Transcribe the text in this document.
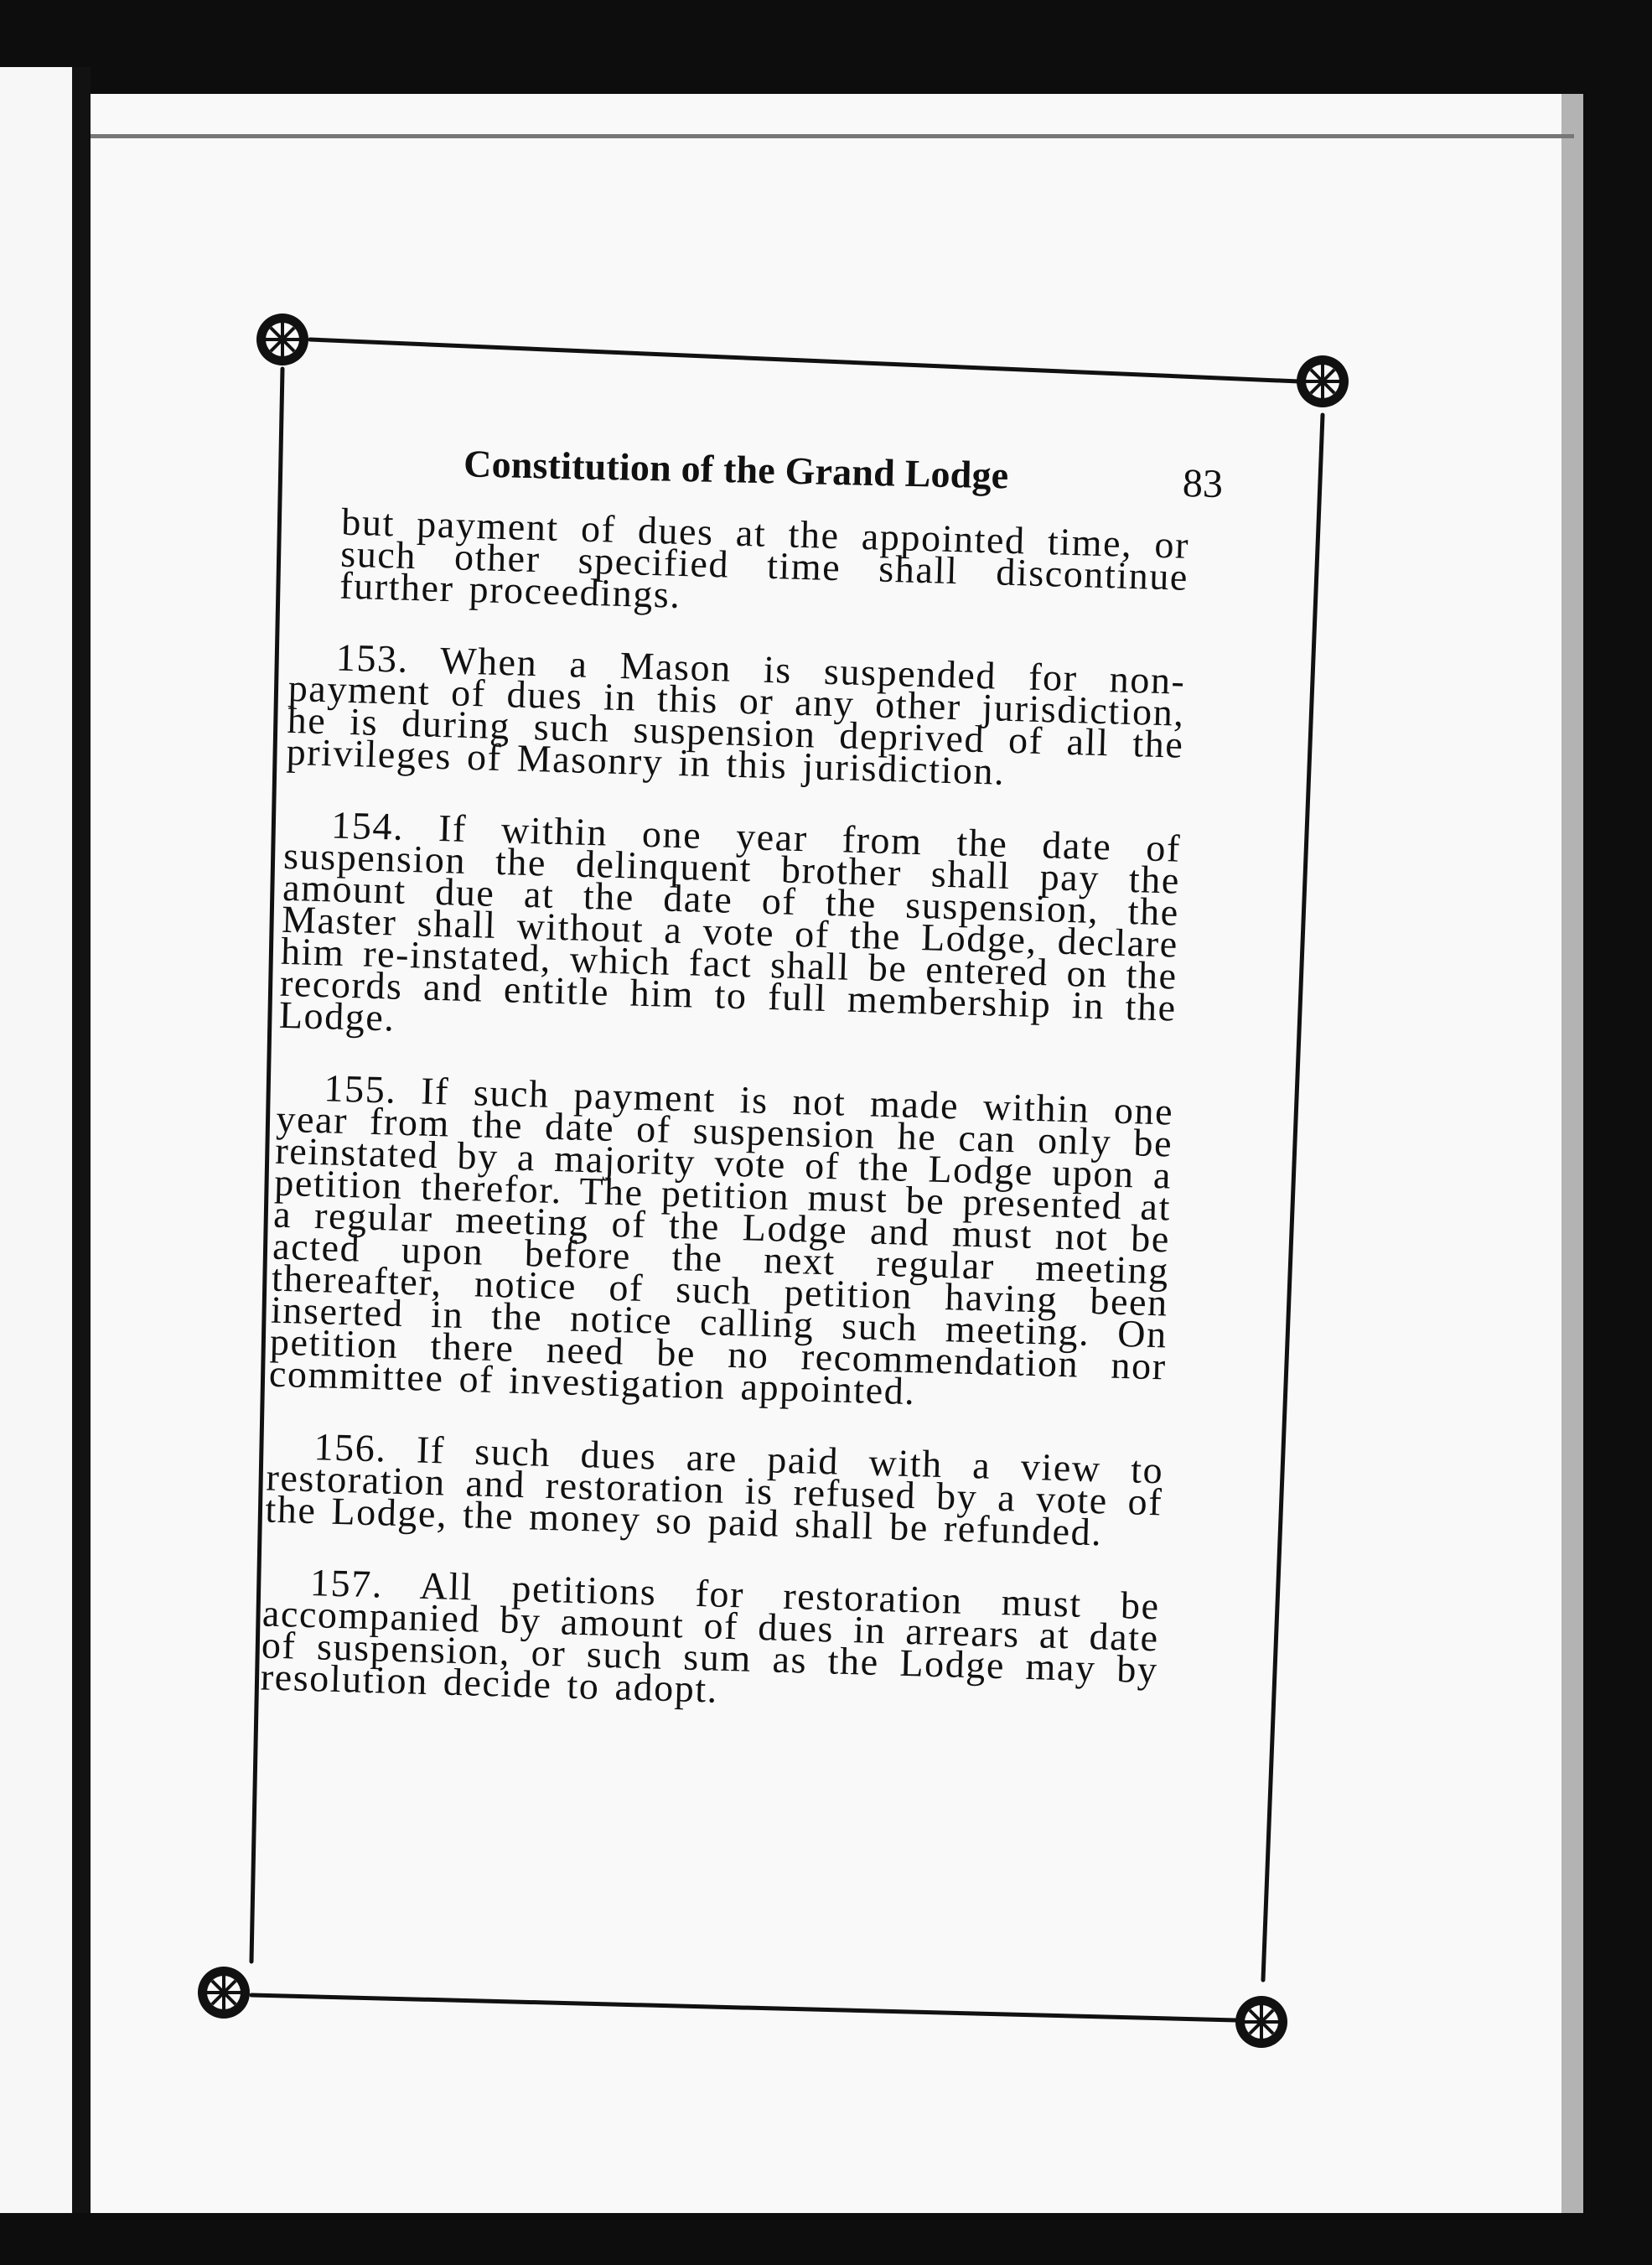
Constitution of the Grand Lodge	83

but payment of dues at the appointed time, or such other specified time shall discontinue further proceedings.

153. When a Mason is suspended for non-payment of dues in this or any other jurisdiction, he is during such suspension deprived of all the privileges of Masonry in this jurisdiction.

154. If within one year from the date of suspension the delinquent brother shall pay the amount due at the date of the suspension, the Master shall without a vote of the Lodge, declare him re-instated, which fact shall be entered on the records and entitle him to full membership in the Lodge.

155. If such payment is not made within one year from the date of suspension he can only be reinstated by a majority vote of the Lodge upon a petition therefor. The petition must be presented at a regular meeting of the Lodge and must not be acted upon before the next regular meeting thereafter, notice of such petition having been inserted in the notice calling such meeting. On petition there need be no recommendation nor committee of investigation appointed.

156. If such dues are paid with a view to restoration and restoration is refused by a vote of the Lodge, the money so paid shall be refunded.

157. All petitions for restoration must be accompanied by amount of dues in arrears at date of suspension, or such sum as the Lodge may by resolution decide to adopt.
